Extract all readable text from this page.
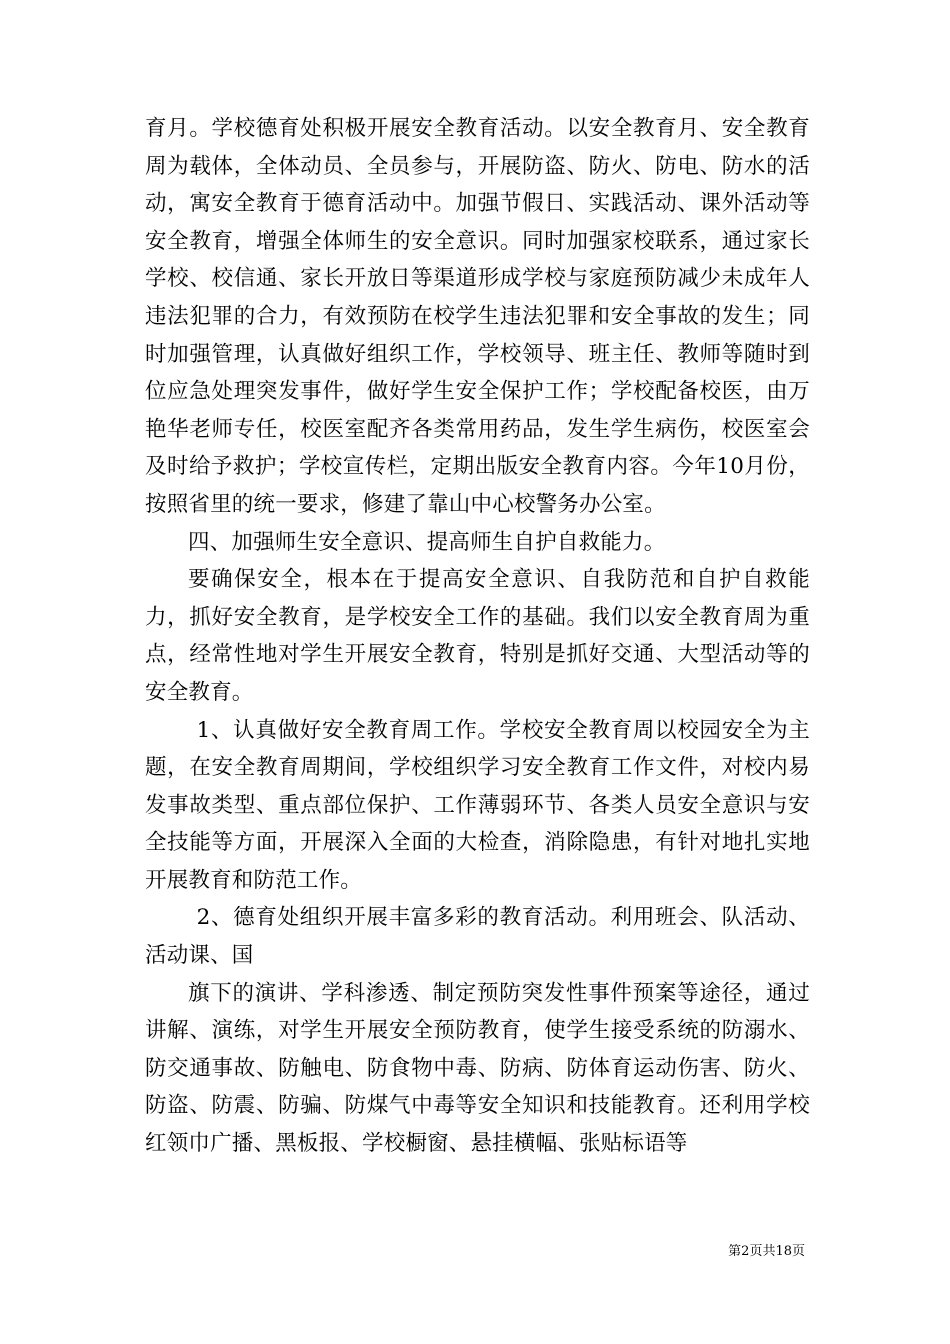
育月。学校德育处积极开展安全教育活动。以安全教育月、安全教育周为载体，全体动员、全员参与，开展防盗、防火、防电、防水的活动，寓安全教育于德育活动中。加强节假日、实践活动、课外活动等安全教育，增强全体师生的安全意识。同时加强家校联系，通过家长学校、校信通、家长开放日等渠道形成学校与家庭预防减少未成年人违法犯罪的合力，有效预防在校学生违法犯罪和安全事故的发生；同时加强管理，认真做好组织工作，学校领导、班主任、教师等随时到位应急处理突发事件，做好学生安全保护工作；学校配备校医，由万艳华老师专任，校医室配齐各类常用药品，发生学生病伤，校医室会及时给予救护；学校宣传栏，定期出版安全教育内容。今年10月份，按照省里的统一要求，修建了靠山中心校警务办公室。

四、加强师生安全意识、提高师生自护自救能力。

要确保安全，根本在于提高安全意识、自我防范和自护自救能力，抓好安全教育，是学校安全工作的基础。我们以安全教育周为重点，经常性地对学生开展安全教育，特别是抓好交通、大型活动等的安全教育。

1、认真做好安全教育周工作。学校安全教育周以校园安全为主题，在安全教育周期间，学校组织学习安全教育工作文件，对校内易发事故类型、重点部位保护、工作薄弱环节、各类人员安全意识与安全技能等方面，开展深入全面的大检查，消除隐患，有针对地扎实地开展教育和防范工作。

2、德育处组织开展丰富多彩的教育活动。利用班会、队活动、活动课、国

旗下的演讲、学科渗透、制定预防突发性事件预案等途径，通过讲解、演练，对学生开展安全预防教育，使学生接受系统的防溺水、防交通事故、防触电、防食物中毒、防病、防体育运动伤害、防火、防盗、防震、防骗、防煤气中毒等安全知识和技能教育。还利用学校红领巾广播、黑板报、学校橱窗、悬挂横幅、张贴标语等

第2页共18页
